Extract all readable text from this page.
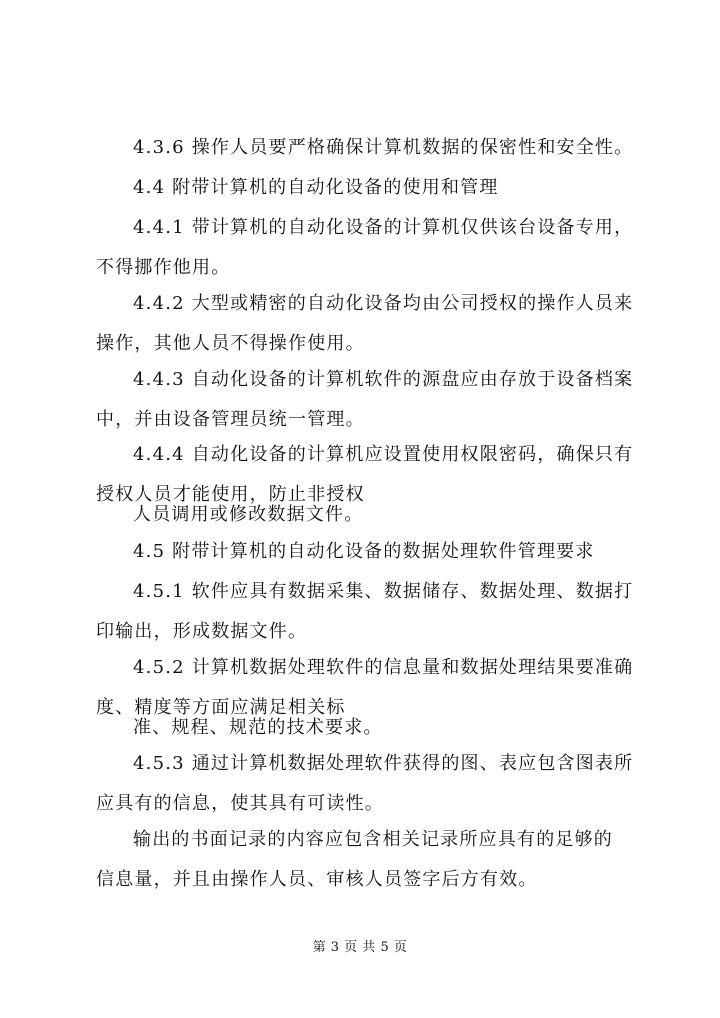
4.3.6 操作人员要严格确保计算机数据的保密性和安全性。

4.4 附带计算机的自动化设备的使用和管理

4.4.1 带计算机的自动化设备的计算机仅供该台设备专用，
不得挪作他用。

4.4.2 大型或精密的自动化设备均由公司授权的操作人员来
操作，其他人员不得操作使用。

4.4.3 自动化设备的计算机软件的源盘应由存放于设备档案
中，并由设备管理员统一管理。

4.4.4 自动化设备的计算机应设置使用权限密码，确保只有
授权人员才能使用，防止非授权

人员调用或修改数据文件。

4.5 附带计算机的自动化设备的数据处理软件管理要求

4.5.1 软件应具有数据采集、数据储存、数据处理、数据打
印输出，形成数据文件。

4.5.2 计算机数据处理软件的信息量和数据处理结果要准确
度、精度等方面应满足相关标

准、规程、规范的技术要求。

4.5.3 通过计算机数据处理软件获得的图、表应包含图表所
应具有的信息，使其具有可读性。

输出的书面记录的内容应包含相关记录所应具有的足够的
信息量，并且由操作人员、审核人员签字后方有效。

第 3 页 共 5 页
